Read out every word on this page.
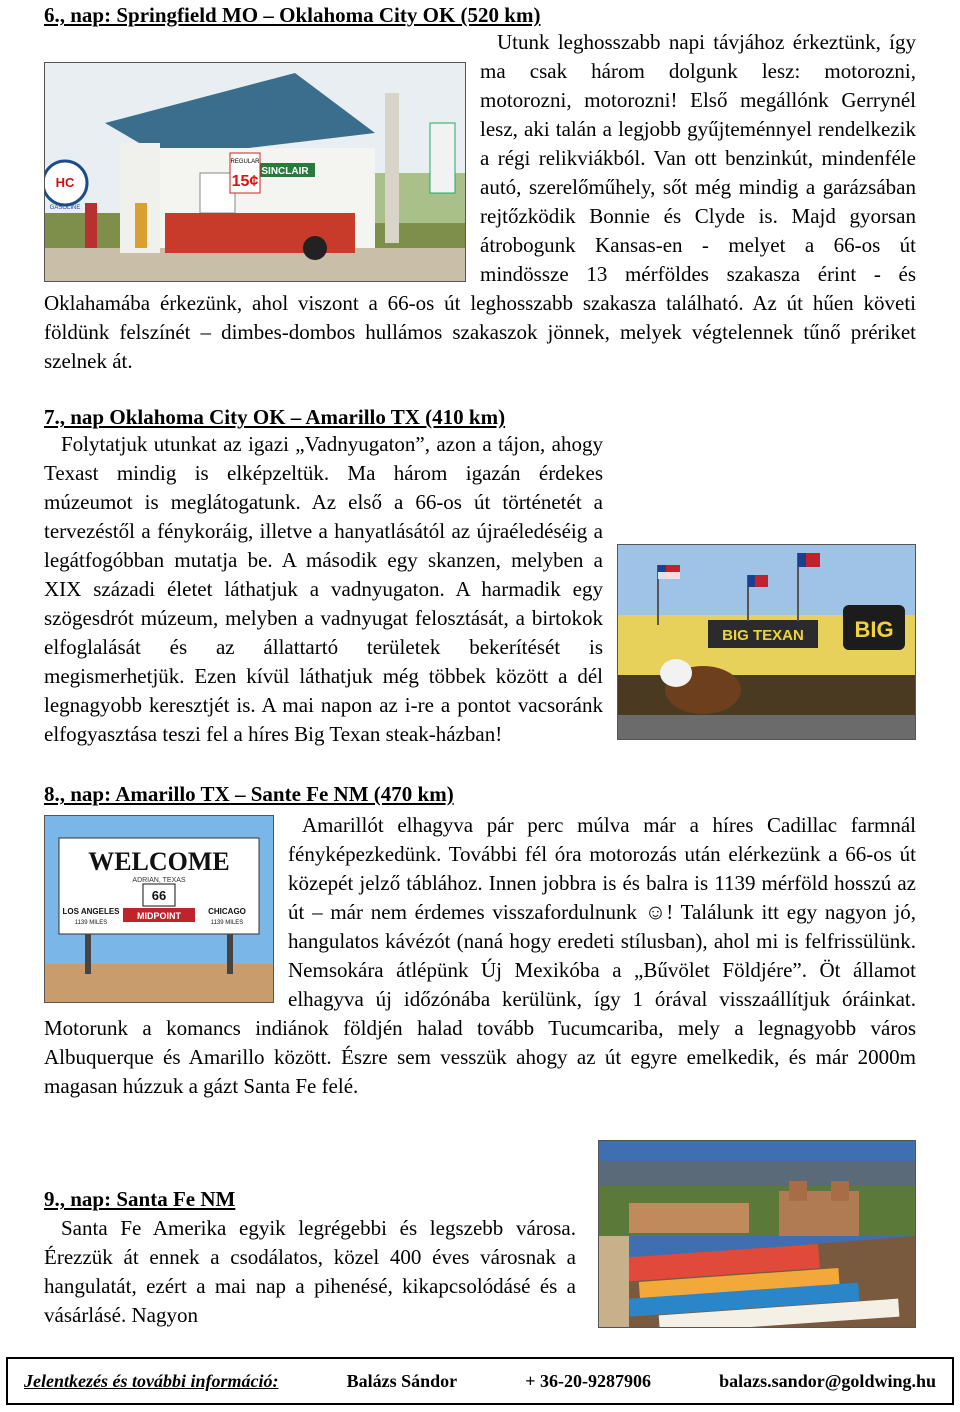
6., nap: Springfield MO – Oklahoma City OK (520 km)
SINCLAIR
REGULAR
15¢
HC
GASOLINE

Utunk leghosszabb napi távjához érkeztünk, így ma csak három dolgunk lesz: motorozni, motorozni, motorozni! Első megállónk Gerrynél lesz, aki talán a legjobb gyűjteménnyel rendelkezik a régi relikviákból. Van ott benzinkút, mindenféle autó, szerelőműhely, sőt még mindig a garázsában rejtőzködik Bonnie és Clyde is. Majd gyorsan átrobogunk Kansas-en - melyet a 66-os út mindössze 13 mérföldes szakasza érint - és Oklahamába érkezünk, ahol viszont a 66-os út leghosszabb szakasza található. Az út hűen követi földünk felszínét – dimbes-dombos hullámos szakaszok jönnek, melyek végtelennek tűnő prériket szelnek át.

7., nap Oklahoma City OK – Amarillo TX (410 km)
BIG TEXAN BIG

Folytatjuk utunkat az igazi „Vadnyugaton”, azon a tájon, ahogy Texast mindig is elképzeltük. Ma három igazán érdekes múzeumot is meglátogatunk. Az első a 66-os út történetét a tervezéstől a fénykoráig, illetve a hanyatlásától az újraéledéséig a legátfogóbban mutatja be. A második egy skanzen, melyben a XIX századi életet láthatjuk a vadnyugaton. A harmadik egy szögesdrót múzeum, melyben a vadnyugat felosztását, a birtokok elfoglalását és az állattartó területek bekerítését is megismerhetjük. Ezen kívül láthatjuk még többek között a dél legnagyobb keresztjét is. A mai napon az i-re a pontot vacsoránk elfogyasztása teszi fel a híres Big Texan steak-házban!

8., nap: Amarillo TX – Sante Fe NM (470 km)
WELCOME
ADRIAN, TEXAS
66
MIDPOINT
LOS ANGELES
1139 MILES
CHICAGO
1139 MILES

Amarillót elhagyva pár perc múlva már a híres Cadillac farmnál fényképezkedünk. További fél óra motorozás után elérkezünk a 66-os út közepét jelző táblához. Innen jobbra is és balra is 1139 mérföld hosszú az út – már nem érdemes visszafordulnunk ☺! Találunk itt egy nagyon jó, hangulatos kávézót (naná hogy eredeti stílusban), ahol mi is felfrissülünk. Nemsokára átlépünk Új Mexikóba a „Bűvölet Földjére”. Öt államot elhagyva új időzónába kerülünk, így 1 órával visszaállítjuk óráinkat. Motorunk a komancs indiánok földjén halad tovább Tucumcariba, mely a legnagyobb város Albuquerque és Amarillo között. Észre sem vesszük ahogy az út egyre emelkedik, és már 2000m magasan húzzuk a gázt Santa Fe felé.

9., nap: Santa Fe NM

Santa Fe Amerika egyik legrégebbi és legszebb városa. Érezzük át ennek a csodálatos, közel 400 éves városnak a hangulatát, ezért a mai nap a pihenésé, kikapcsolódásé és a vásárlásé. Nagyon

Jelentkezés és további információ:	Balázs Sándor	+ 36-20-9287906	balazs.sandor@goldwing.hu
